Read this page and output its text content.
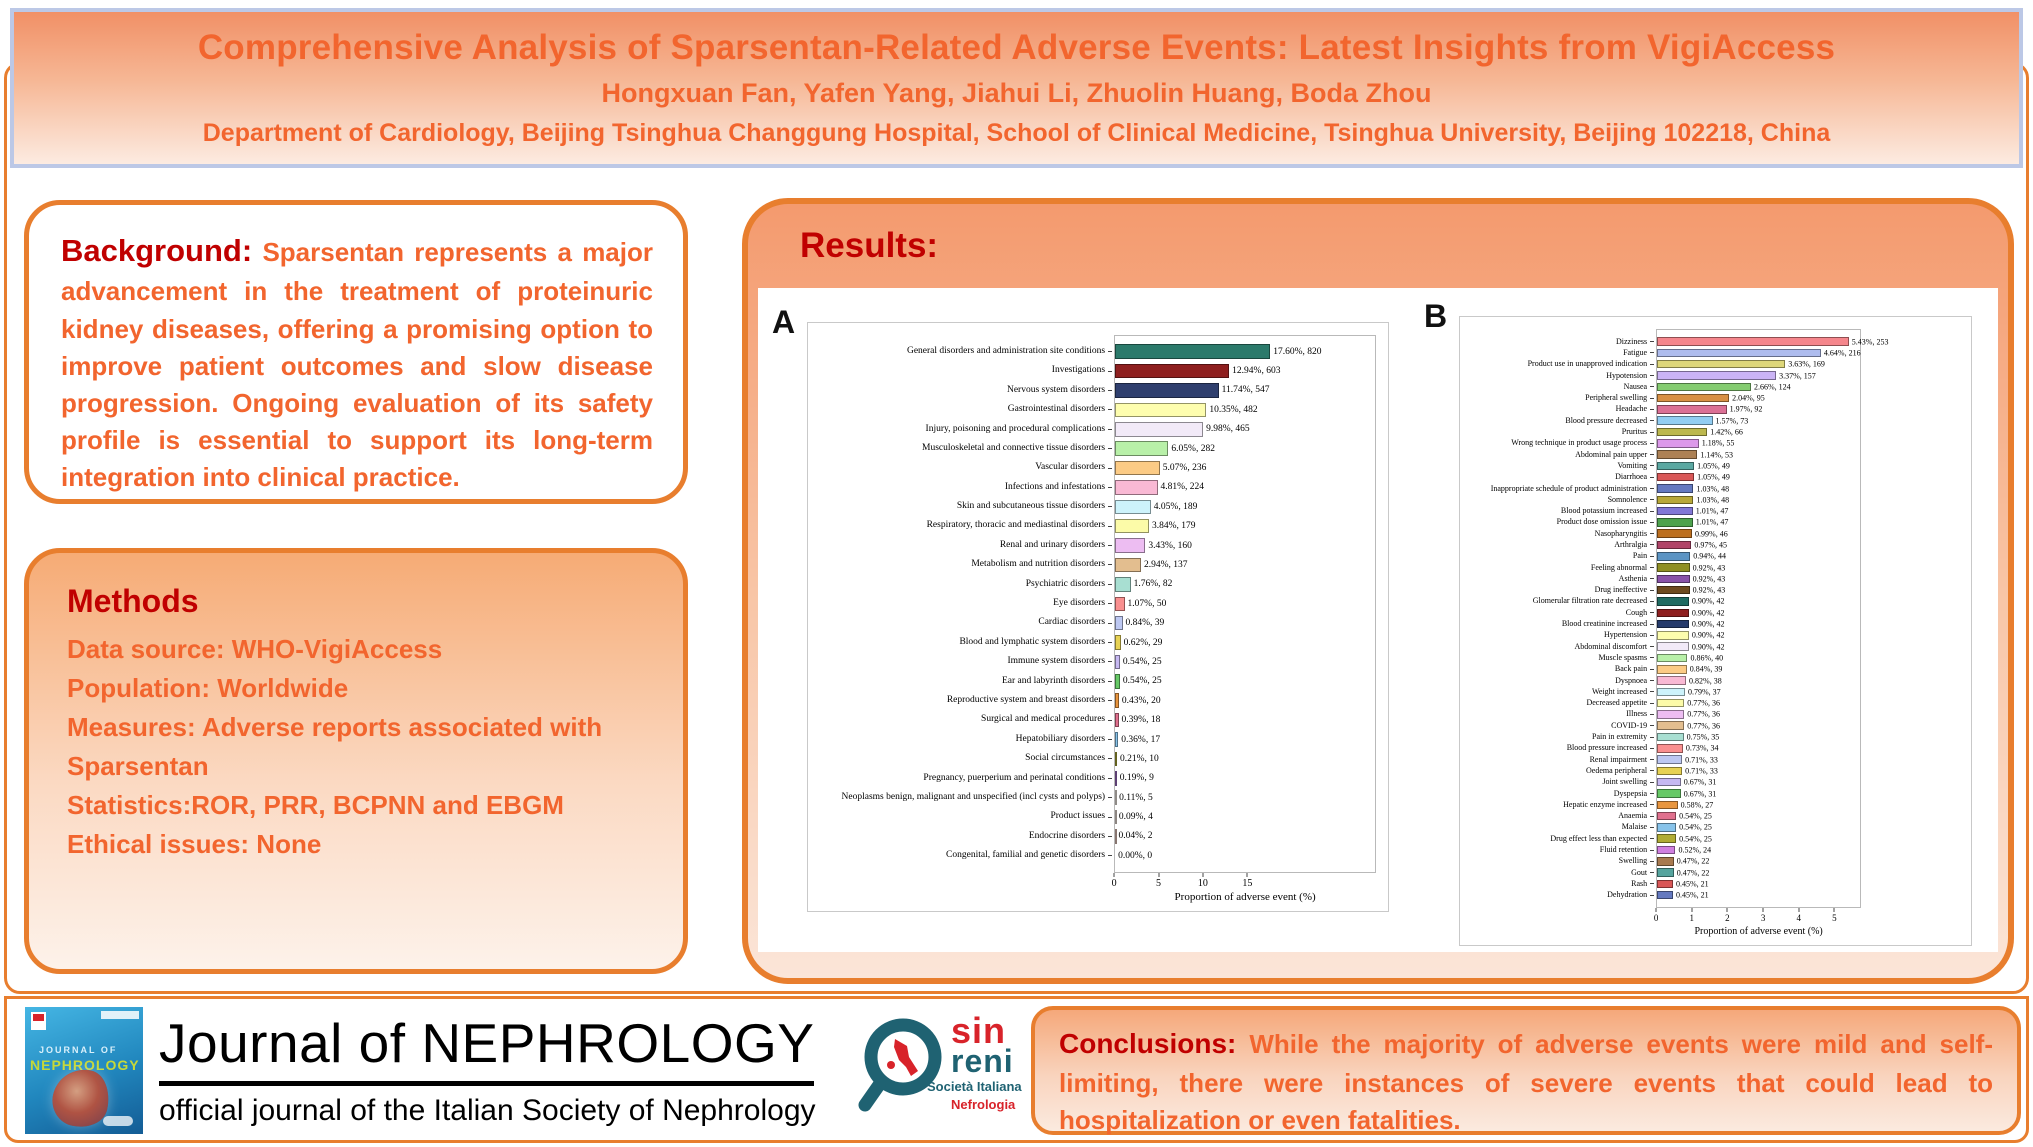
Comprehensive Analysis of Sparsentan-Related Adverse Events: Latest Insights from VigiAccess
Hongxuan Fan, Yafen Yang, Jiahui Li, Zhuolin Huang, Boda Zhou
Department of Cardiology, Beijing Tsinghua Changgung Hospital, School of Clinical Medicine, Tsinghua University, Beijing 102218, China

Background: Sparsentan represents a major advancement in the treatment of proteinuric kidney diseases, offering a promising option to improve patient outcomes and slow disease progression. Ongoing evaluation of its safety profile is essential to support its long-term integration into clinical practice.

Methods
Data source: WHO-VigiAccess
Population: Worldwide
Measures: Adverse reports associated with Sparsentan
Statistics:ROR, PRR, BCPNN and EBGM
Ethical issues: None
Results:
A
General disorders and administration site conditions
Investigations
Nervous system disorders
Gastrointestinal disorders
Injury, poisoning and procedural complications
Musculoskeletal and connective tissue disorders
Vascular disorders
Infections and infestations
Skin and subcutaneous tissue disorders
Respiratory, thoracic and mediastinal disorders
Renal and urinary disorders
Metabolism and nutrition disorders
Psychiatric disorders
Eye disorders
Cardiac disorders
Blood and lymphatic system disorders
Immune system disorders
Ear and labyrinth disorders
Reproductive system and breast disorders
Surgical and medical procedures
Hepatobiliary disorders
Social circumstances
Pregnancy, puerperium and perinatal conditions
Neoplasms benign, malignant and unspecified (incl cysts and polyps)
Product issues
Endocrine disorders
Congenital, familial and genetic disorders
17.60%, 820
12.94%, 603
11.74%, 547
10.35%, 482
9.98%, 465
6.05%, 282
5.07%, 236
4.81%, 224
4.05%, 189
3.84%, 179
3.43%, 160
2.94%, 137
1.76%, 82
1.07%, 50
0.84%, 39
0.62%, 29
0.54%, 25
0.54%, 25
0.43%, 20
0.39%, 18
0.36%, 17
0.21%, 10
0.19%, 9
0.11%, 5
0.09%, 4
0.04%, 2
0.00%, 0
0	5	10	15
Proportion of adverse event (%)
B
Dizziness
Fatigue
Product use in unapproved indication
Hypotension
Nausea
Peripheral swelling
Headache
Blood pressure decreased
Pruritus
Wrong technique in product usage process
Abdominal pain upper
Vomiting
Diarrhoea
Inappropriate schedule of product administration
Somnolence
Blood potassium increased
Product dose omission issue
Nasopharyngitis
Arthralgia
Pain
Feeling abnormal
Asthenia
Drug ineffective
Glomerular filtration rate decreased
Cough
Blood creatinine increased
Hypertension
Abdominal discomfort
Muscle spasms
Back pain
Dyspnoea
Weight increased
Decreased appetite
Illness
COVID-19
Pain in extremity
Blood pressure increased
Renal impairment
Oedema peripheral
Joint swelling
Dyspepsia
Hepatic enzyme increased
Anaemia
Malaise
Drug effect less than expected
Fluid retention
Swelling
Gout
Rash
Dehydration
5.43%, 253
4.64%, 216
3.63%, 169
3.37%, 157
2.66%, 124
2.04%, 95
1.97%, 92
1.57%, 73
1.42%, 66
1.18%, 55
1.14%, 53
1.05%, 49
1.05%, 49
1.03%, 48
1.03%, 48
1.01%, 47
1.01%, 47
0.99%, 46
0.97%, 45
0.94%, 44
0.92%, 43
0.92%, 43
0.92%, 43
0.90%, 42
0.90%, 42
0.90%, 42
0.90%, 42
0.90%, 42
0.86%, 40
0.84%, 39
0.82%, 38
0.79%, 37
0.77%, 36
0.77%, 36
0.77%, 36
0.75%, 35
0.73%, 34
0.71%, 33
0.71%, 33
0.67%, 31
0.67%, 31
0.58%, 27
0.54%, 25
0.54%, 25
0.54%, 25
0.52%, 24
0.47%, 22
0.47%, 22
0.45%, 21
0.45%, 21
0	1	2	3	4	5
Proportion of adverse event (%)
JOURNAL OF
NEPHROLOGY Journal of NEPHROLOGY
official journal of the Italian Society of Nephrology
sin
reni
Società Italiana
Nefrologia

Conclusions: While the majority of adverse events were mild and self-limiting, there were instances of severe events that could lead to hospitalization or even fatalities.
